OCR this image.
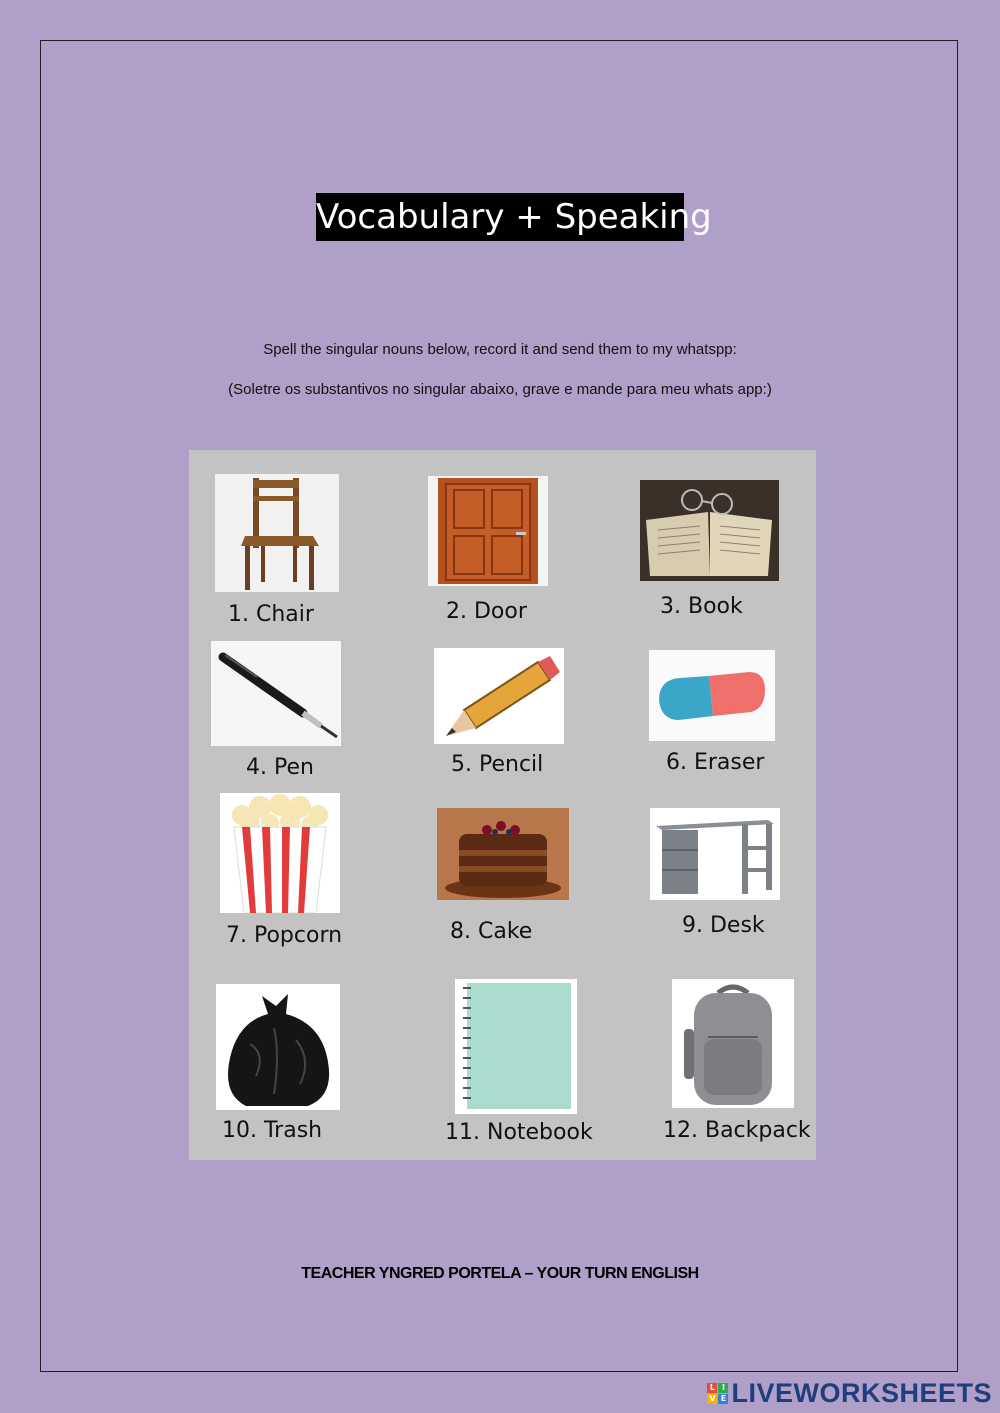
Vocabulary + Speaking
Spell the singular nouns below, record it and send them to my whatspp:
(Soletre os substantivos no singular abaixo, grave e mande para meu whats app:)
1. Chair	2. Door	3. Book
4. Pen	5. Pencil	6. Eraser
7. Popcorn	8. Cake	9. Desk
10. Trash	11. Notebook	12. Backpack
TEACHER YNGRED PORTELA – YOUR TURN ENGLISH
L I
V E LIVEWORKSHEETS
